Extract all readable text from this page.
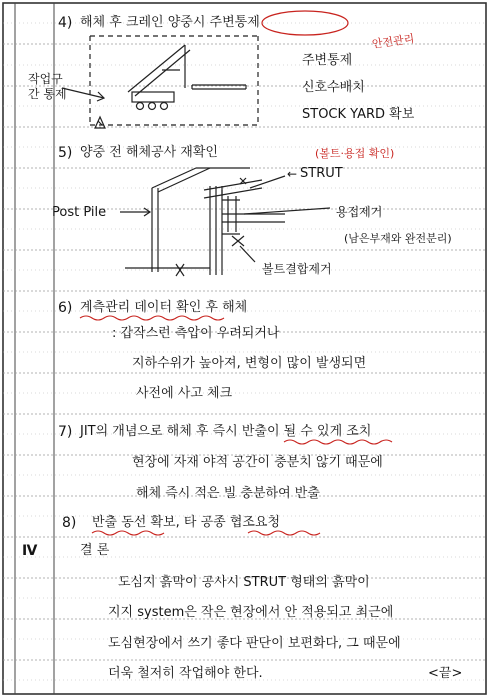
4) 해체 후 크레인 양중시 주변통제
안전관리
작업구간 통제
주변통제
신호수배치
STOCK YARD 확보
5) 양중 전 해체공사 재확인	(볼트·용접 확인)
← STRUT
Post Pile	용접제거
(남은부재와 완전분리)
볼트결합제거
6) 계측관리 데이터 확인 후 해체
: 갑작스런 측압이 우려되거나
지하수위가 높아져, 변형이 많이 발생되면
사전에 사고 체크
7) JIT의 개념으로 해체 후 즉시 반출이 될 수 있게 조치
현장에 자재 야적 공간이 충분치 않기 때문에
해체 즉시 적은 빌 충분하여 반출
8) 반출 동선 확보, 타 공종 협조요청
Ⅳ	결 론
도심지 흙막이 공사시 STRUT 형태의 흙막이
지지 system은 작은 현장에서 안 적용되고 최근에
도심현장에서 쓰기 좋다 판단이 보편화다, 그 때문에
더욱 철저히 작업해야 한다.	<끝>
